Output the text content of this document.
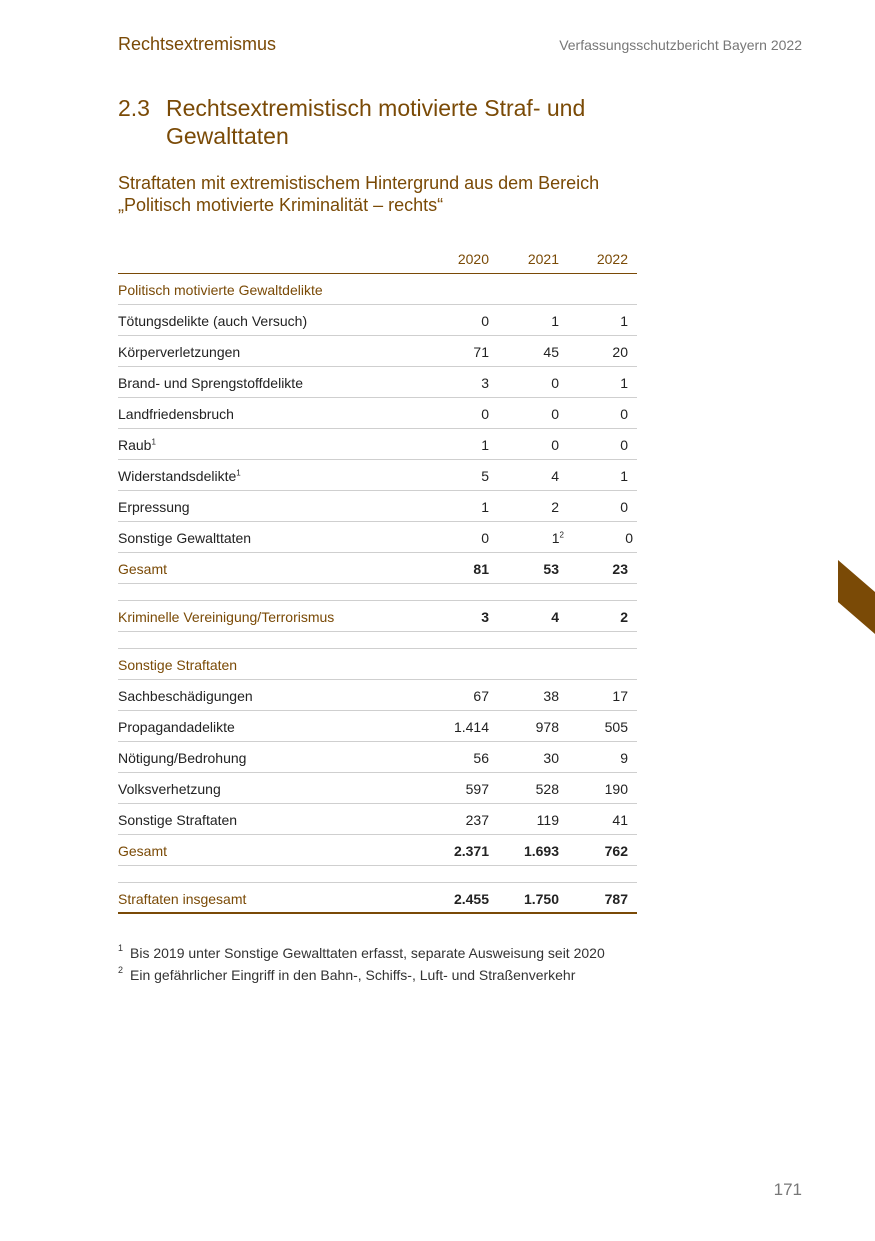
Rechtsextremismus	Verfassungsschutzbericht Bayern 2022
2.3 Rechtsextremistisch motivierte Straf- und Gewalttaten
Straftaten mit extremistischem Hintergrund aus dem Bereich „Politisch motivierte Kriminalität – rechts“
2020	2021	2022
Politisch motivierte Gewaltdelikte
Tötungsdelikte (auch Versuch)	0	1	1
Körperverletzungen	71	45	20
Brand- und Sprengstoffdelikte	3	0	1
Landfriedensbruch	0	0	0
Raub$^1$	1	0	0
Widerstandsdelikte$^1$	5	4	1
Erpressung	1	2	0
Sonstige Gewalttaten	0	$1^2$	0
Gesamt	81	53	23
Kriminelle Vereinigung/Terrorismus	3	4	2
Sonstige Straftaten
Sachbeschädigungen	67	38	17
Propagandadelikte	1.414	978	505
Nötigung/Bedrohung	56	30	9
Volksverhetzung	597	528	190
Sonstige Straftaten	237	119	41
Gesamt	2.371	1.693	762
Straftaten insgesamt	2.455	1.750	787
1 Bis 2019 unter Sonstige Gewalttaten erfasst, separate Ausweisung seit 2020
2 Ein gefährlicher Eingriff in den Bahn-, Schiffs-, Luft- und Straßenverkehr
171
